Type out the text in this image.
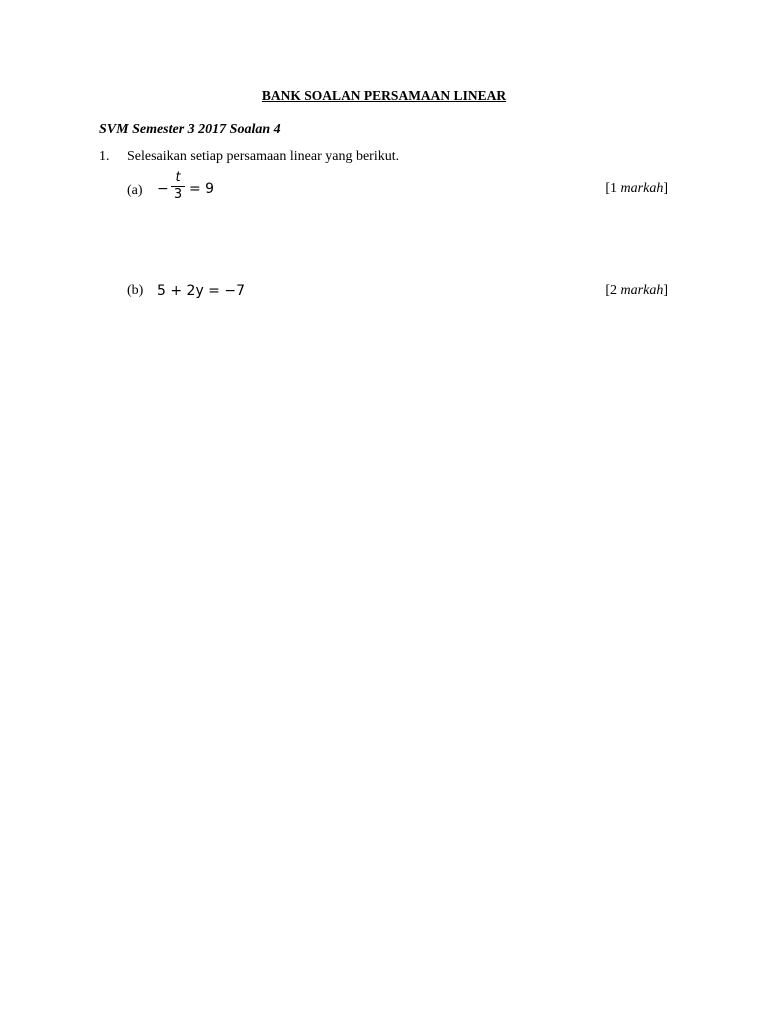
BANK SOALAN PERSAMAAN LINEAR
SVM Semester 3 2017 Soalan 4
1. Selesaikan setiap persamaan linear yang berikut.
(a) −
t
3 = 9	[1 markah]
(b) 5 + 2y = −7	[2 markah]
